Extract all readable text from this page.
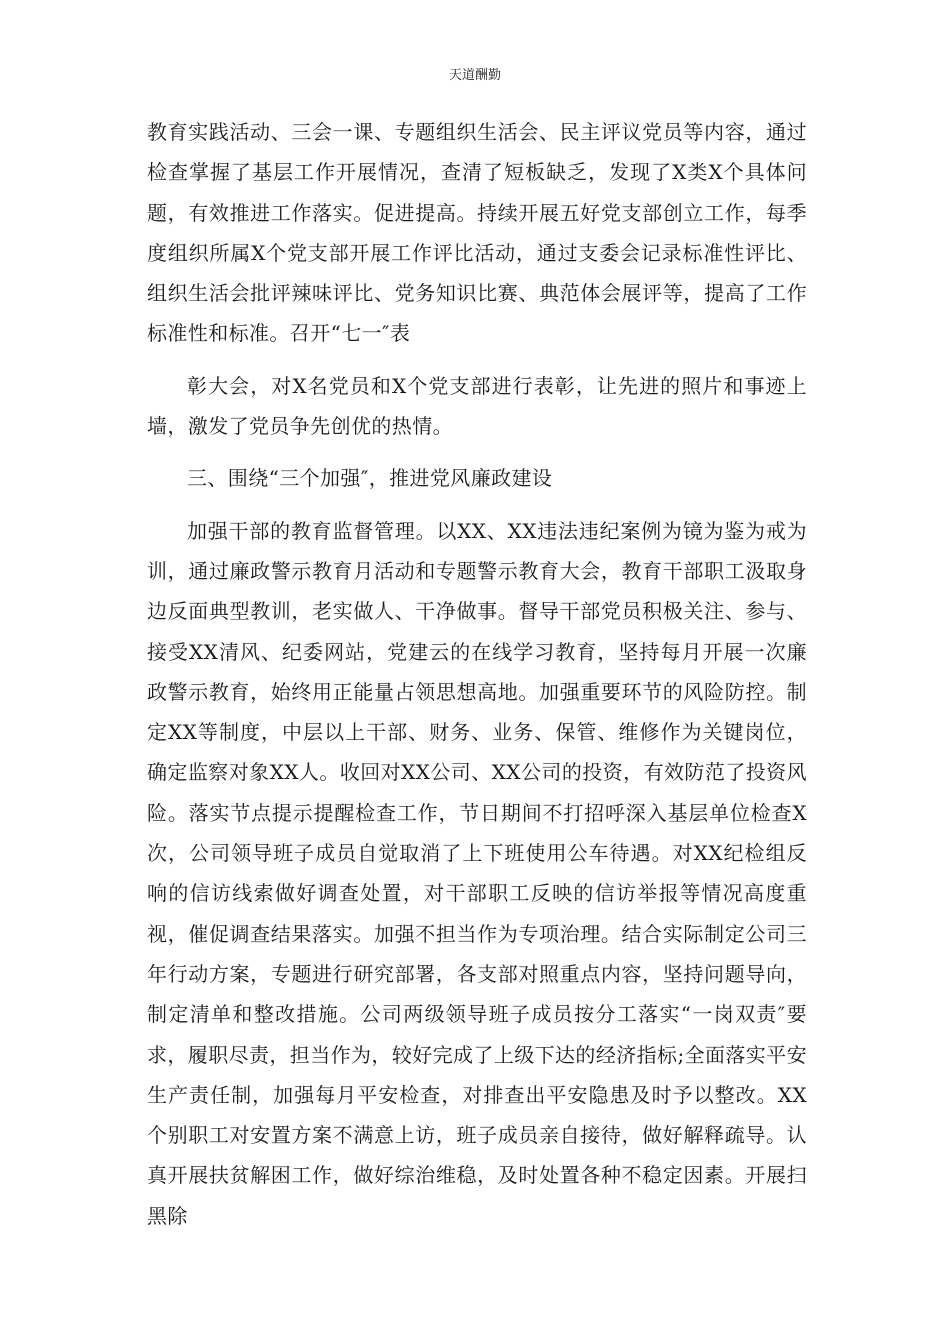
天道酬勤

教育实践活动、三会一课、专题组织生活会、民主评议党员等内容，通过检查掌握了基层工作开展情况，查清了短板缺乏，发现了X类X个具体问题，有效推进工作落实。促进提高。持续开展五好党支部创立工作，每季度组织所属X个党支部开展工作评比活动，通过支委会记录标准性评比、组织生活会批评辣味评比、党务知识比赛、典范体会展评等，提高了工作标准性和标准。召开“七一″表

彰大会，对X名党员和X个党支部进行表彰，让先进的照片和事迹上墙，激发了党员争先创优的热情。

三、围绕“三个加强″，推进党风廉政建设

加强干部的教育监督管理。以XX、XX违法违纪案例为镜为鉴为戒为训，通过廉政警示教育月活动和专题警示教育大会，教育干部职工汲取身边反面典型教训，老实做人、干净做事。督导干部党员积极关注、参与、接受XX清风、纪委网站，党建云的在线学习教育，坚持每月开展一次廉政警示教育，始终用正能量占领思想高地。加强重要环节的风险防控。制定XX等制度，中层以上干部、财务、业务、保管、维修作为关键岗位，确定监察对象XX人。收回对XX公司、XX公司的投资，有效防范了投资风险。落实节点提示提醒检查工作，节日期间不打招呼深入基层单位检查X次，公司领导班子成员自觉取消了上下班使用公车待遇。对XX纪检组反响的信访线索做好调查处置，对干部职工反映的信访举报等情况高度重视，催促调查结果落实。加强不担当作为专项治理。结合实际制定公司三年行动方案，专题进行研究部署，各支部对照重点内容，坚持问题导向，制定清单和整改措施。公司两级领导班子成员按分工落实“一岗双责″要求，履职尽责，担当作为，较好完成了上级下达的经济指标;全面落实平安生产责任制，加强每月平安检查，对排查出平安隐患及时予以整改。XX个别职工对安置方案不满意上访，班子成员亲自接待，做好解释疏导。认真开展扶贫解困工作，做好综治维稳，及时处置各种不稳定因素。开展扫黑除
